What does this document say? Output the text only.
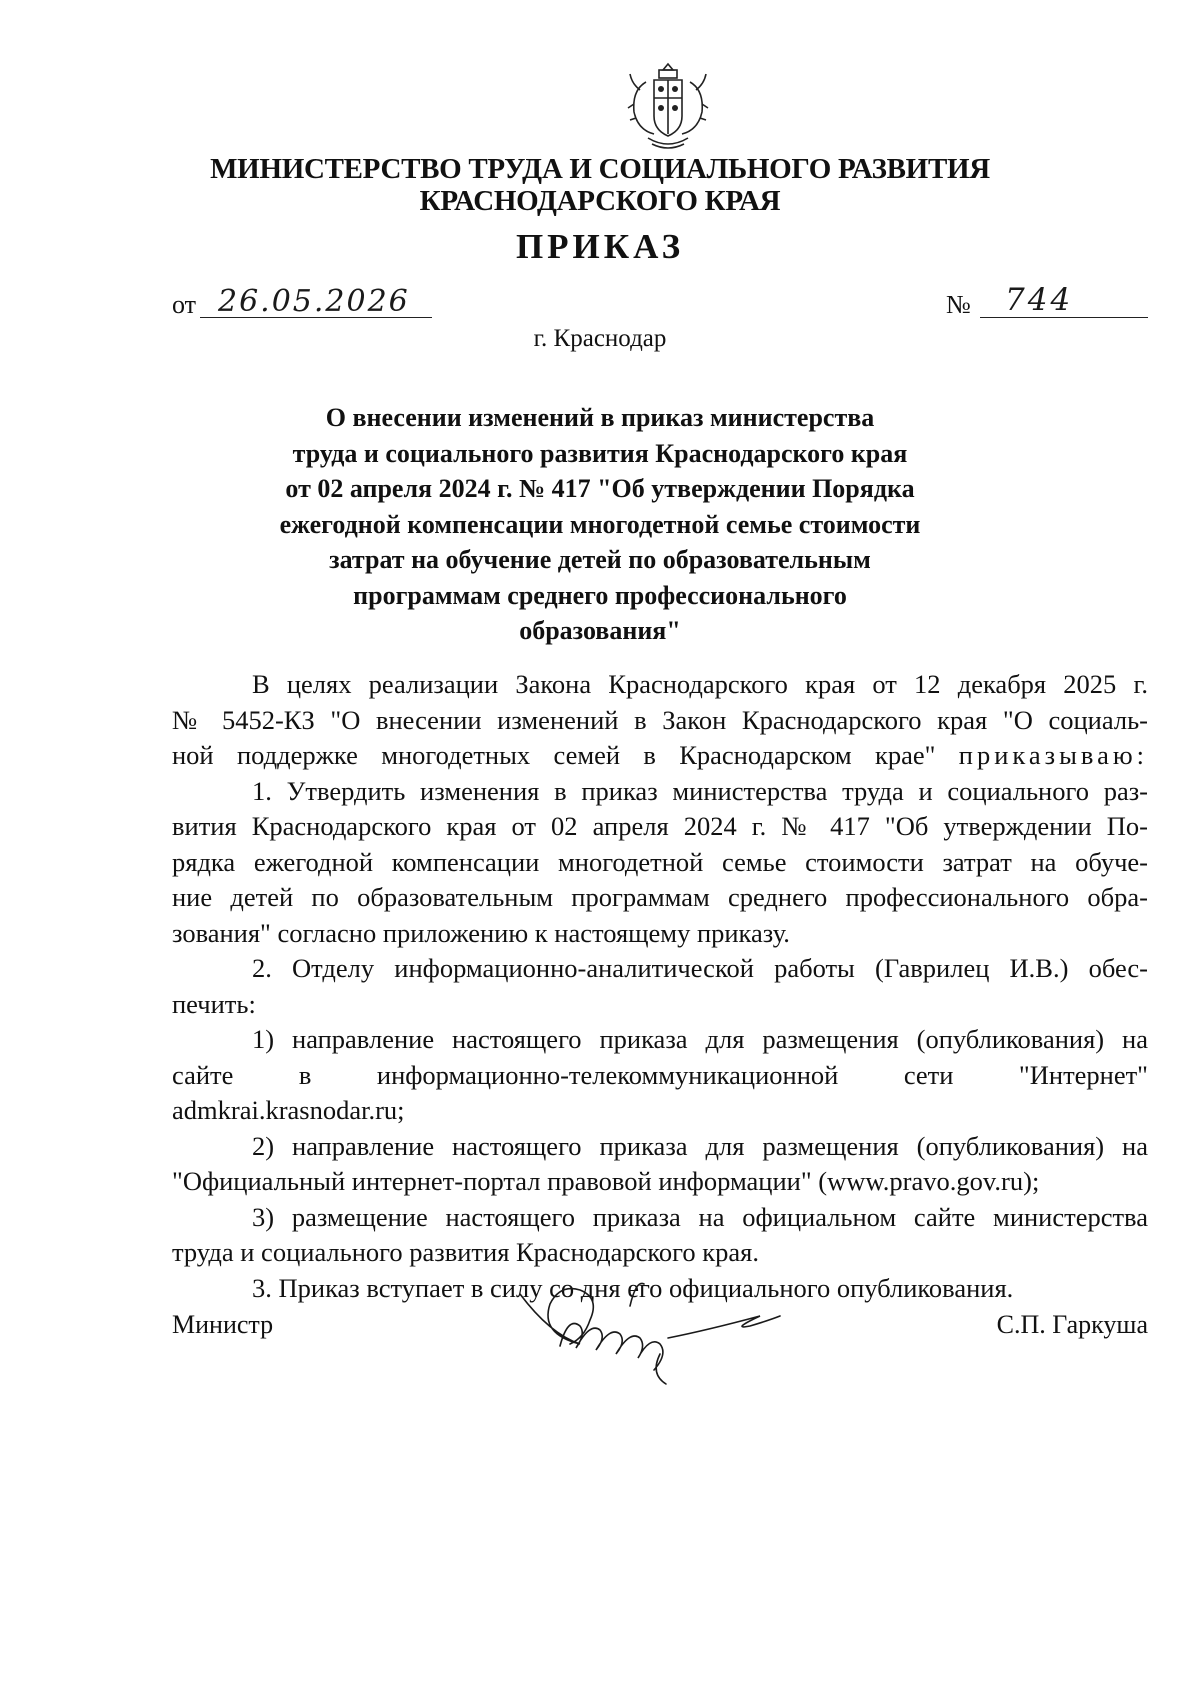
МИНИСТЕРСТВО ТРУДА И СОЦИАЛЬНОГО РАЗВИТИЯ
КРАСНОДАРСКОГО КРАЯ
ПРИКАЗ
от 26.05.2026	№ 744
г. Краснодар
О внесении изменений в приказ министерства
труда и социального развития Краснодарского края
от 02 апреля 2024 г. № 417 "Об утверждении Порядка
ежегодной компенсации многодетной семье стоимости
затрат на обучение детей по образовательным
программам среднего профессионального
образования"
В целях реализации Закона Краснодарского края от 12 декабря 2025 г.
№ 5452-КЗ "О внесении изменений в Закон Краснодарского края "О социаль-
ной поддержке многодетных семей в Краснодарском крае" приказываю:
1. Утвердить изменения в приказ министерства труда и социального раз-
вития Краснодарского края от 02 апреля 2024 г. № 417 "Об утверждении По-
рядка ежегодной компенсации многодетной семье стоимости затрат на обуче-
ние детей по образовательным программам среднего профессионального обра-
зования" согласно приложению к настоящему приказу.
2. Отделу информационно-аналитической работы (Гаврилец И.В.) обес-
печить:
1) направление настоящего приказа для размещения (опубликования) на
сайте в информационно-телекоммуникационной сети "Интернет"
admkrai.krasnodar.ru;
2) направление настоящего приказа для размещения (опубликования) на
"Официальный интернет-портал правовой информации" (www.pravo.gov.ru);
3) размещение настоящего приказа на официальном сайте министерства
труда и социального развития Краснодарского края.
3. Приказ вступает в силу со дня его официального опубликования.
Министр	С.П. Гаркуша
